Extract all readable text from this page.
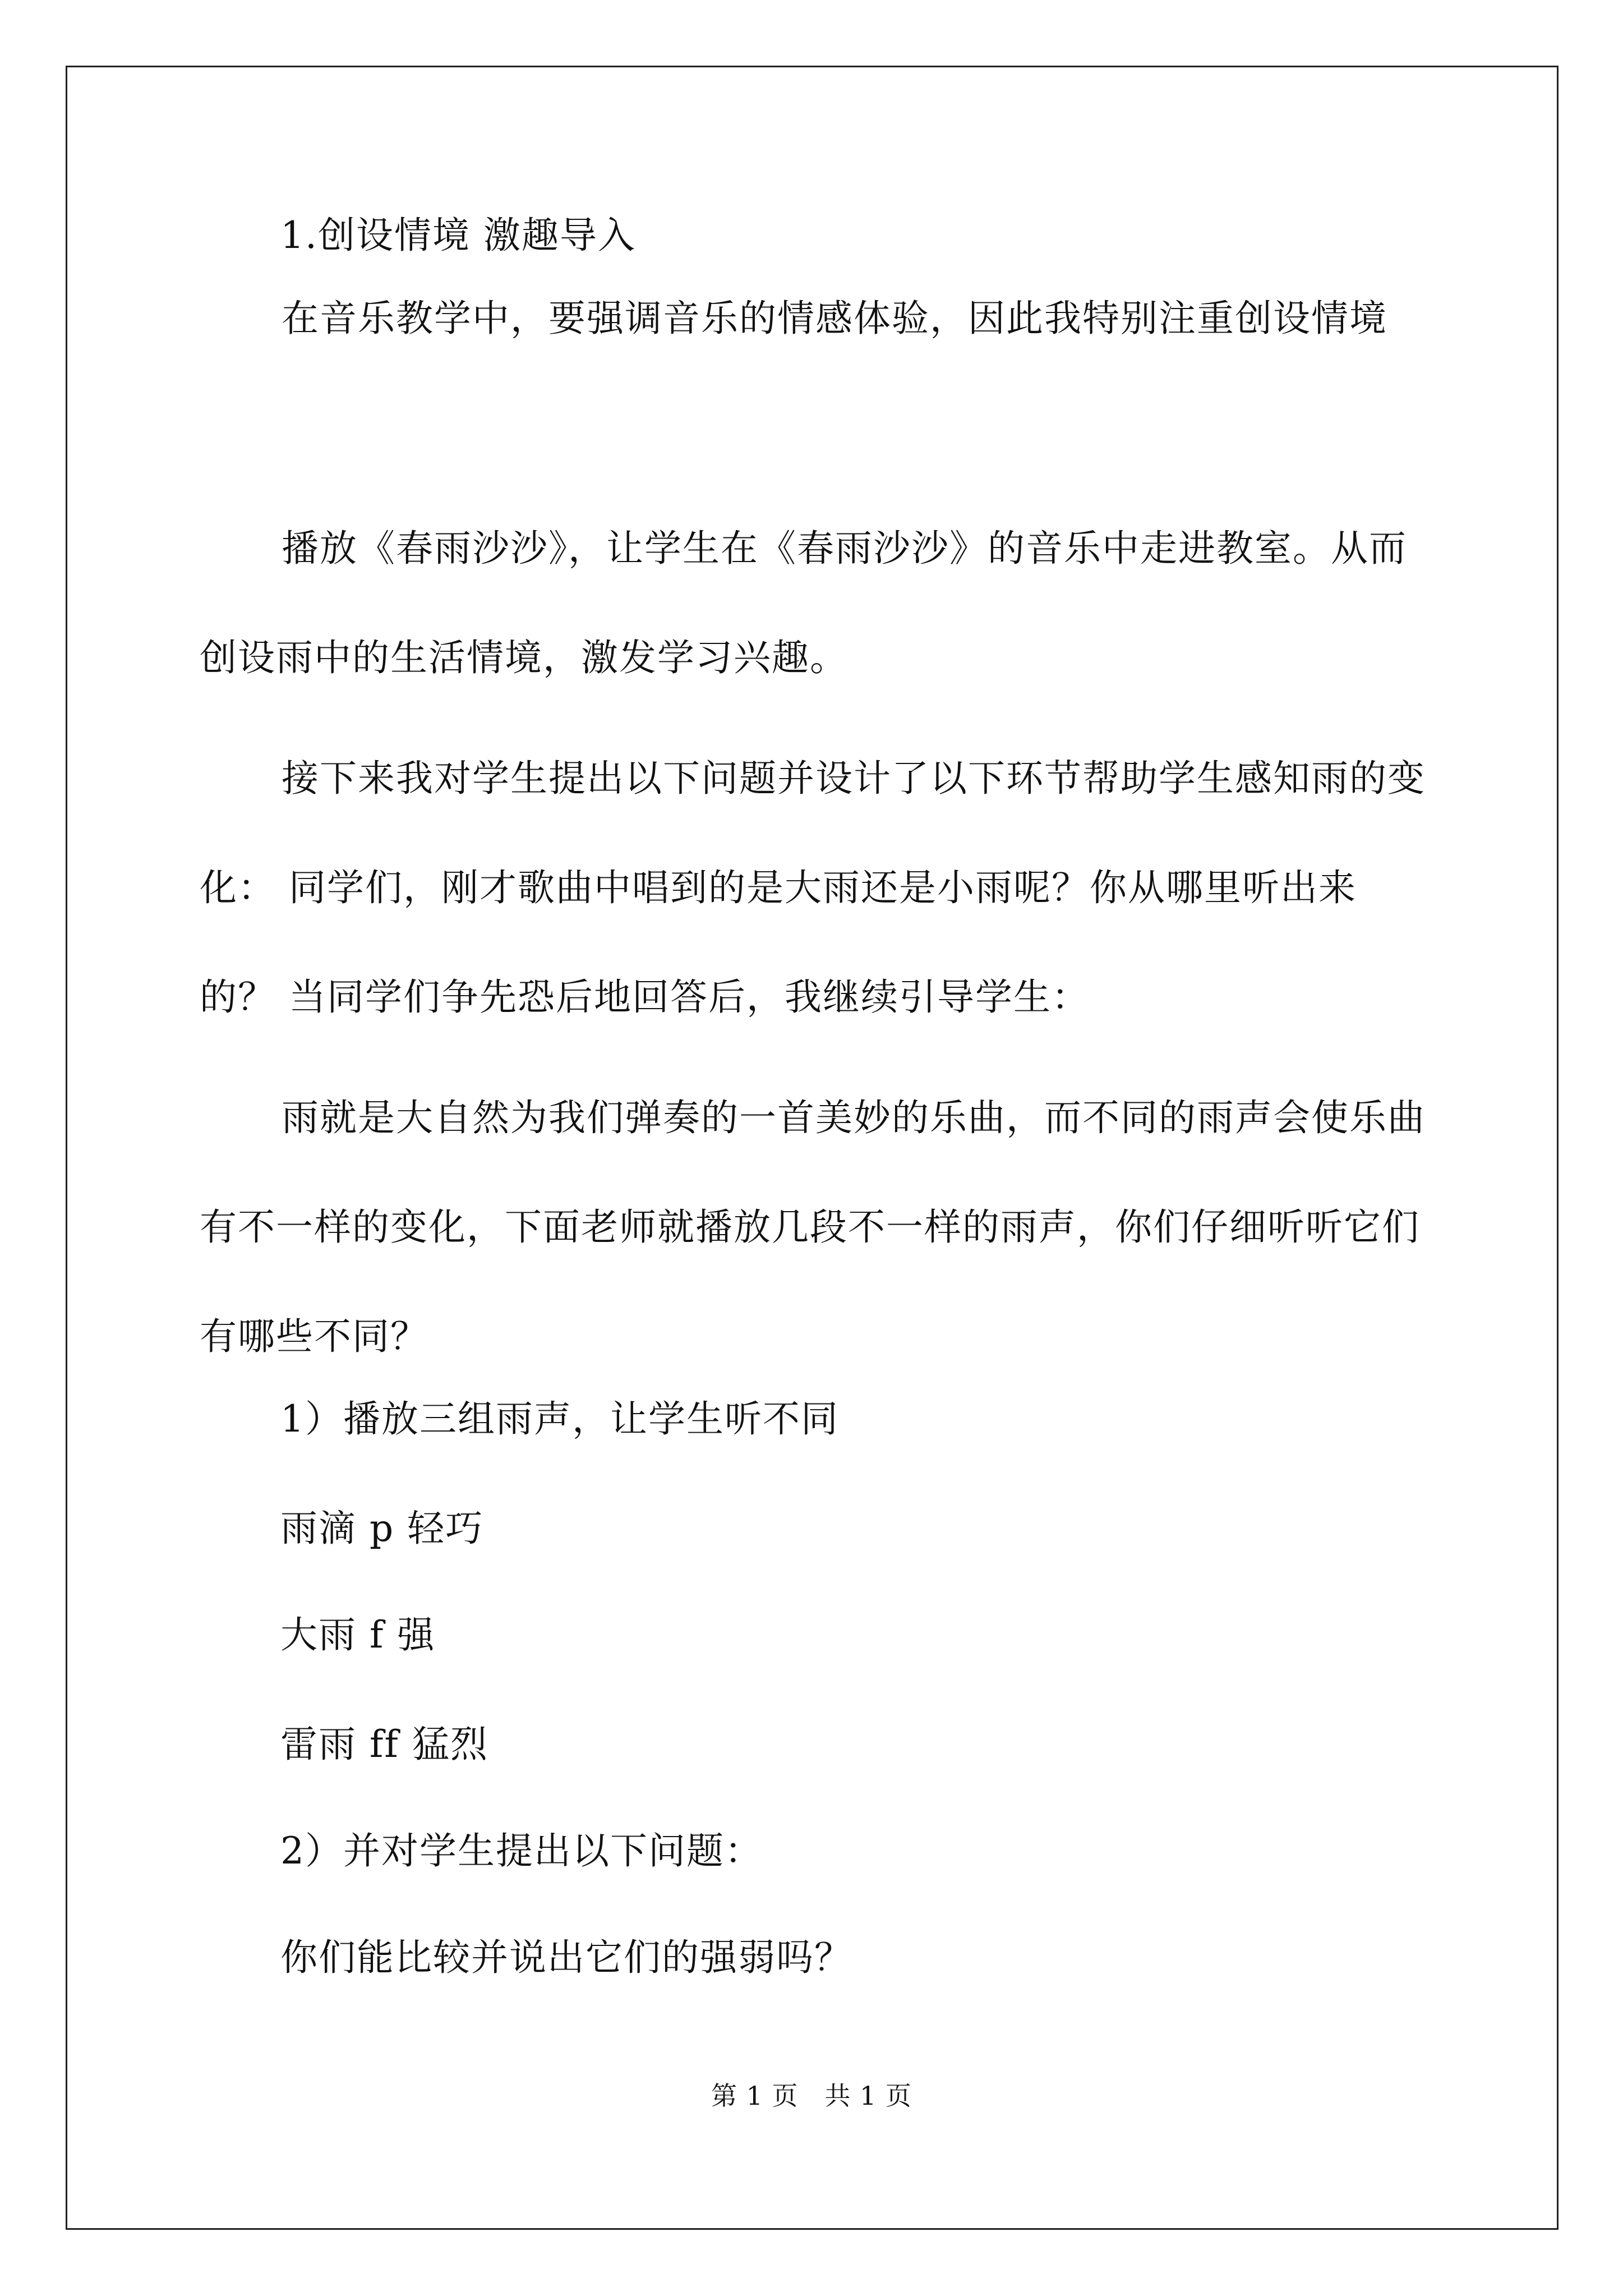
1.创设情境 激趣导入
在音乐教学中，要强调音乐的情感体验，因此我特别注重创设情境
播放《春雨沙沙》，让学生在《春雨沙沙》的音乐中走进教室。从而创设雨中的生活情境，激发学习兴趣。
接下来我对学生提出以下问题并设计了以下环节帮助学生感知雨的变化： 同学们，刚才歌曲中唱到的是大雨还是小雨呢？你从哪里听出来的？ 当同学们争先恐后地回答后，我继续引导学生：
雨就是大自然为我们弹奏的一首美妙的乐曲，而不同的雨声会使乐曲有不一样的变化，下面老师就播放几段不一样的雨声，你们仔细听听它们有哪些不同？
1）播放三组雨声，让学生听不同
雨滴 p 轻巧
大雨 f 强
雷雨 ff 猛烈
2）并对学生提出以下问题：
你们能比较并说出它们的强弱吗？
第 1 页   共 1 页
